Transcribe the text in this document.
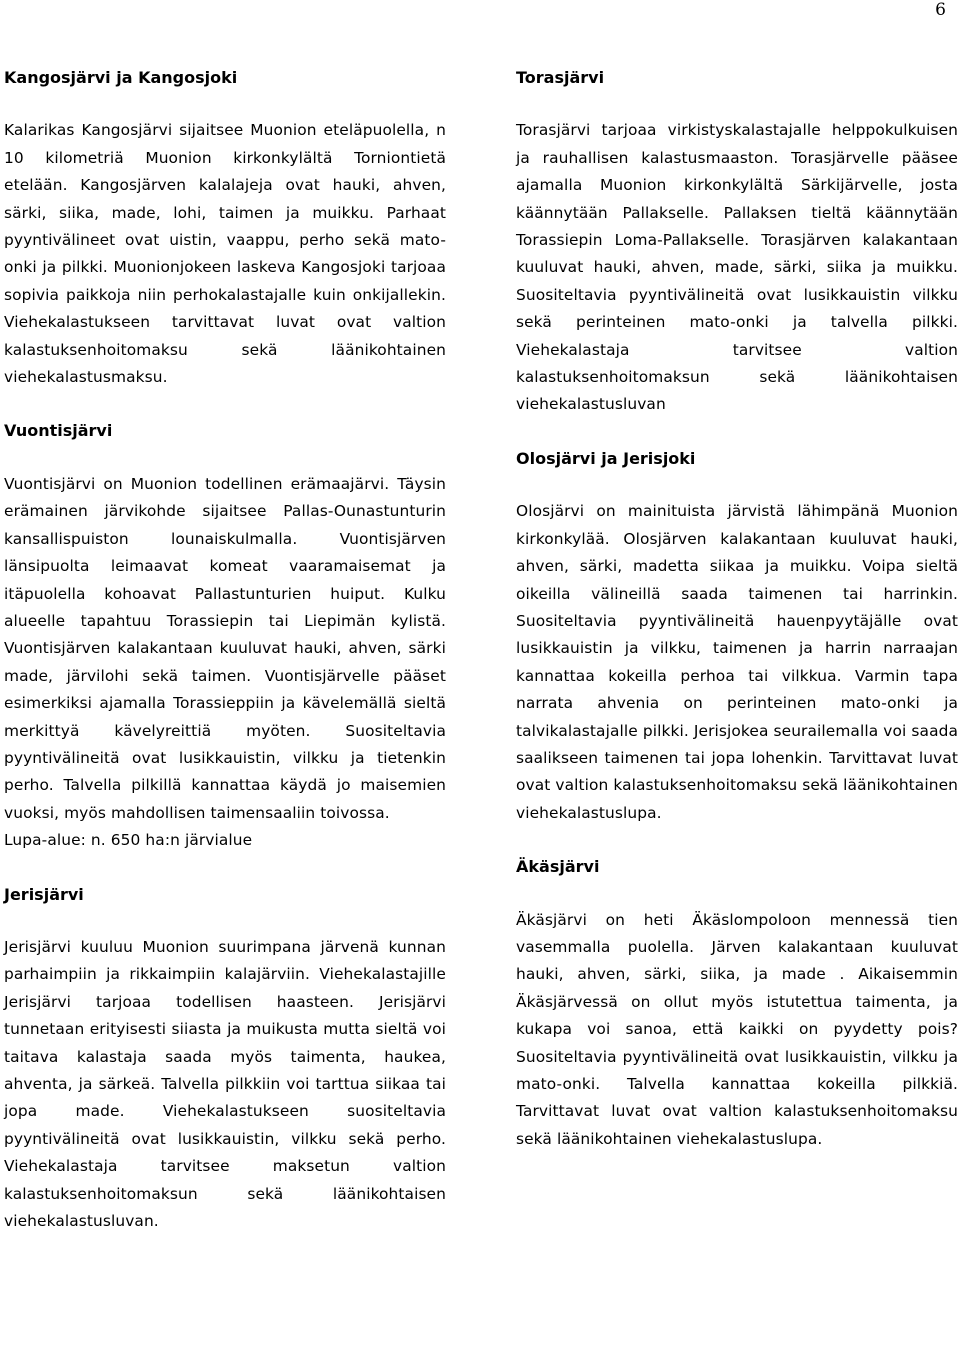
6
Kangosjärvi ja Kangosjoki

Kalarikas Kangosjärvi sijaitsee Muonion eteläpuolella, n 10 kilometriä Muonion kirkonkylältä Torniontietä etelään. Kangosjärven kalalajeja ovat hauki, ahven, särki, siika, made, lohi, taimen ja muikku. Parhaat pyyntivälineet ovat uistin, vaappu, perho sekä mato-onki ja pilkki. Muonionjokeen laskeva Kangosjoki tarjoaa sopivia paikkoja niin perhokalastajalle kuin onkijallekin. Viehekalastukseen tarvittavat luvat ovat valtion kalastuksenhoitomaksu sekä läänikohtainen viehekalastusmaksu.

Vuontisjärvi

Vuontisjärvi on Muonion todellinen erämaajärvi. Täysin erämainen järvikohde sijaitsee Pallas-Ounastunturin kansallispuiston lounaiskulmalla. Vuontisjärven länsipuolta leimaavat komeat vaaramaisemat ja itäpuolella kohoavat Pallastunturien huiput. Kulku alueelle tapahtuu Torassiepin tai Liepimän kylistä. Vuontisjärven kalakantaan kuuluvat hauki, ahven, särki made, järvilohi sekä taimen. Vuontisjärvelle pääset esimerkiksi ajamalla Torassieppiin ja kävelemällä sieltä merkittyä kävelyreittiä myöten. Suositeltavia pyyntivälineitä ovat lusikkauistin, vilkku ja tietenkin perho. Talvella pilkillä kannattaa käydä jo maisemien vuoksi, myös mahdollisen taimensaaliin toivossa.

Lupa-alue: n. 650 ha:n järvialue

Jerisjärvi

Jerisjärvi kuuluu Muonion suurimpana järvenä kunnan parhaimpiin ja rikkaimpiin kalajärviin. Viehekalastajille Jerisjärvi tarjoaa todellisen haasteen. Jerisjärvi tunnetaan erityisesti siiasta ja muikusta mutta sieltä voi taitava kalastaja saada myös taimenta, haukea, ahventa, ja särkeä. Talvella pilkkiin voi tarttua siikaa tai jopa made. Viehekalastukseen suositeltavia pyyntivälineitä ovat lusikkauistin, vilkku sekä perho. Viehekalastaja tarvitsee maksetun valtion kalastuksenhoitomaksun sekä läänikohtaisen viehekalastusluvan.

Torasjärvi

Torasjärvi tarjoaa virkistyskalastajalle helppokulkuisen ja rauhallisen kalastusmaaston. Torasjärvelle pääsee ajamalla Muonion kirkonkylältä Särkijärvelle, josta käännytään Pallakselle. Pallaksen tieltä käännytään Torassiepin Loma-Pallakselle. Torasjärven kalakantaan kuuluvat hauki, ahven, made, särki, siika ja muikku. Suositeltavia pyyntivälineitä ovat lusikkauistin vilkku sekä perinteinen mato-onki ja talvella pilkki. Viehekalastaja tarvitsee valtion kalastuksenhoitomaksun sekä läänikohtaisen viehekalastusluvan

Olosjärvi ja Jerisjoki

Olosjärvi on mainituista järvistä lähimpänä Muonion kirkonkylää. Olosjärven kalakantaan kuuluvat hauki, ahven, särki, madetta siikaa ja muikku. Voipa sieltä oikeilla välineillä saada taimenen tai harrinkin. Suositeltavia pyyntivälineitä hauenpyytäjälle ovat lusikkauistin ja vilkku, taimenen ja harrin narraajan kannattaa kokeilla perhoa tai vilkkua. Varmin tapa narrata ahvenia on perinteinen mato-onki ja talvikalastajalle pilkki. Jerisjokea seurailemalla voi saada saalikseen taimenen tai jopa lohenkin. Tarvittavat luvat ovat valtion kalastuksenhoitomaksu sekä läänikohtainen viehekalastuslupa.

Äkäsjärvi

Äkäsjärvi on heti Äkäslompoloon mennessä tien vasemmalla puolella. Järven kalakantaan kuuluvat hauki, ahven, särki, siika, ja made . Aikaisemmin Äkäsjärvessä on ollut myös istutettua taimenta, ja kukapa voi sanoa, että kaikki on pyydetty pois? Suositeltavia pyyntivälineitä ovat lusikkauistin, vilkku ja mato-onki. Talvella kannattaa kokeilla pilkkiä. Tarvittavat luvat ovat valtion kalastuksenhoitomaksu sekä läänikohtainen viehekalastuslupa.
